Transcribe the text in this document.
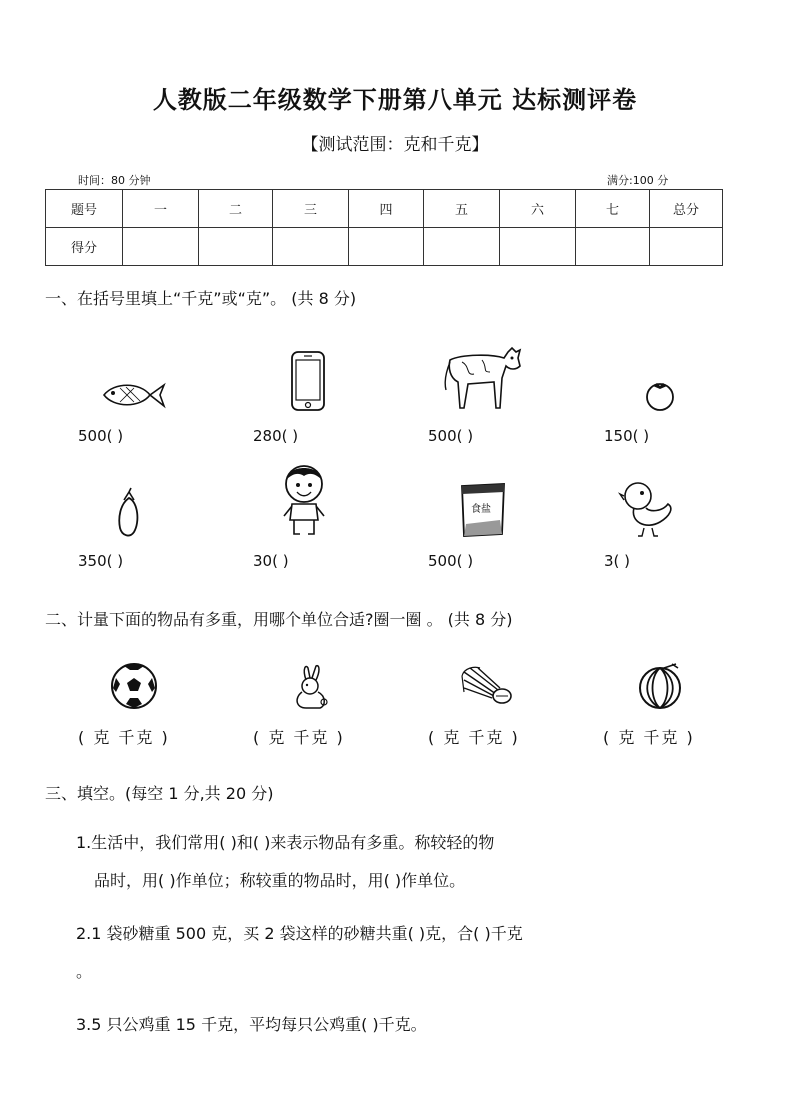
人教版二年级数学下册第八单元 达标测评卷
【测试范围：克和千克】
时间：80 分钟	满分:100 分
题号	一	二	三	四	五	六	七	总分
得分								
一、在括号里填上“千克”或“克”。 (共 8 分)
500( )	280( )	500( )	150( )
食盐
350( )	30( )	500( )	3( )
二、计量下面的物品有多重，用哪个单位合适?圈一圈 。 (共 8 分)
( 克 千克 )	( 克 千克 )	( 克 千克 )	( 克 千克 )
三、填空。(每空 1 分,共 20 分)
1.生活中，我们常用( )和( )来表示物品有多重。称较轻的物
品时，用( )作单位；称较重的物品时，用( )作单位。
2.1 袋砂糖重 500 克，买 2 袋这样的砂糖共重( )克，合( )千克
。
3.5 只公鸡重 15 千克，平均每只公鸡重( )千克。
